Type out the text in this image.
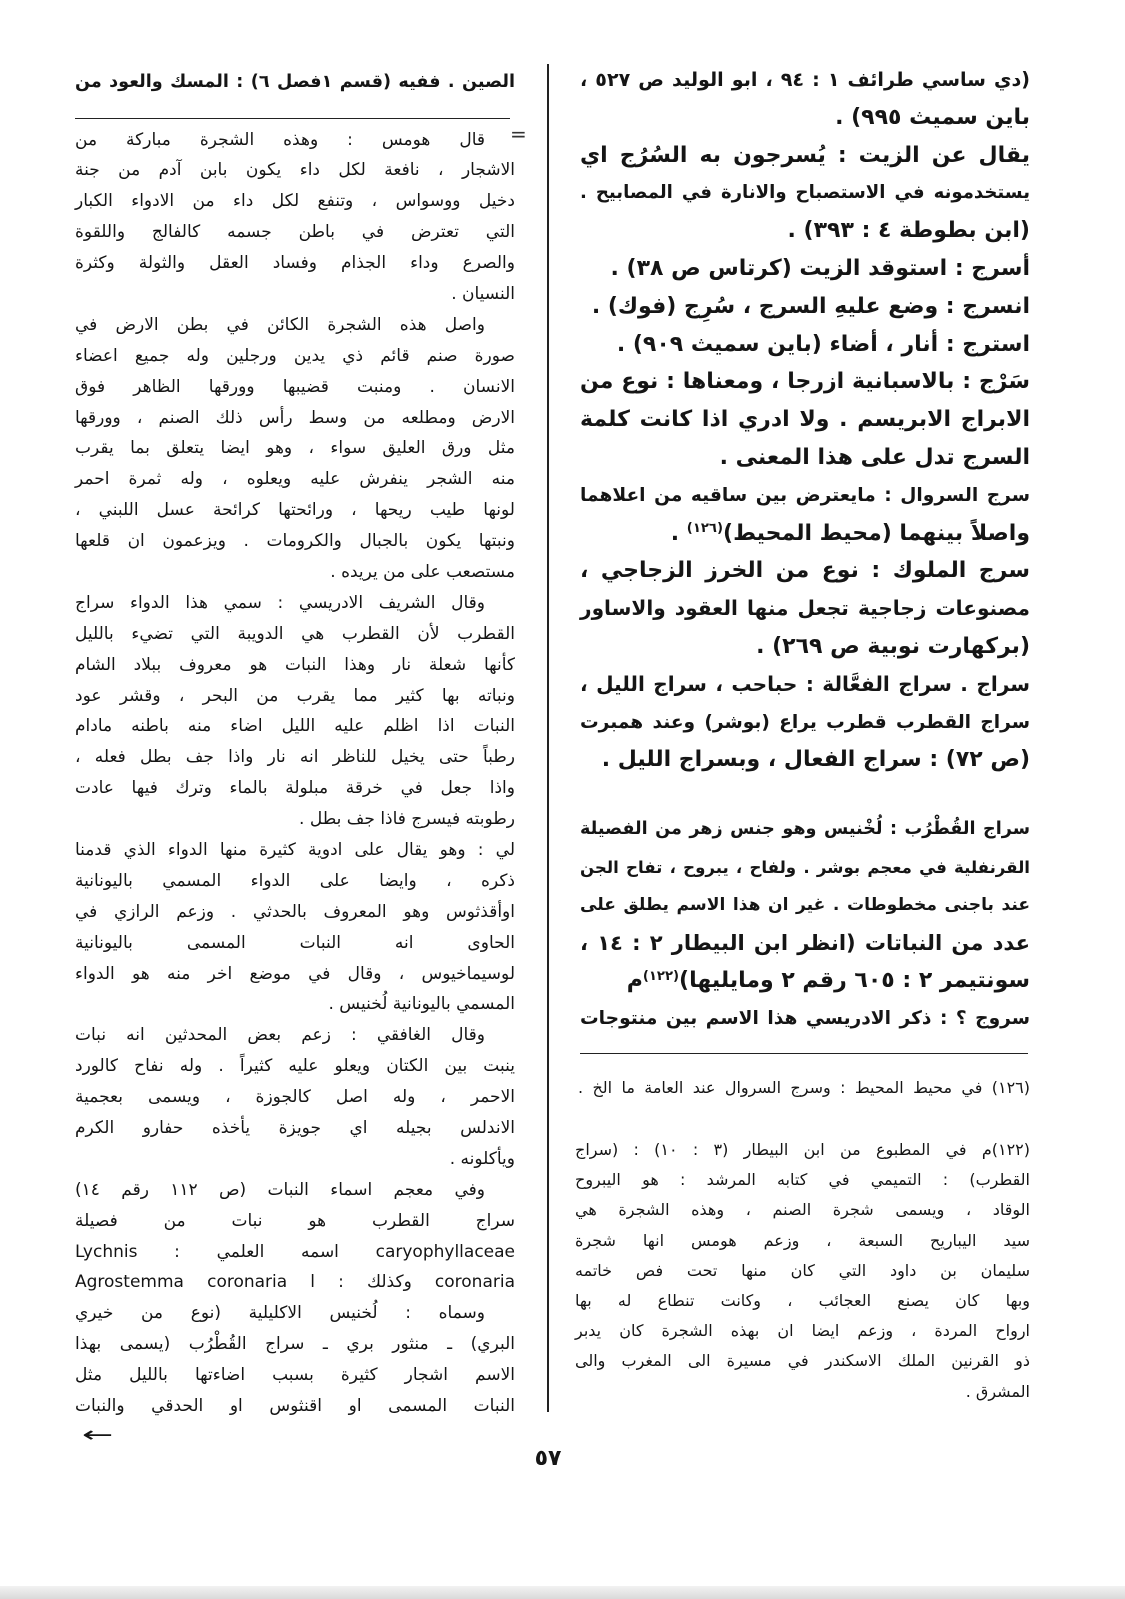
(دي ساسي طرائف ١ : ٩٤ ، ابو الوليد ص ٥٢٧ ،
باين سميث ٩٩٥) .
يقال عن الزيت : يُسرجون به السُرُج اي
يستخدمونه في الاستصباح والانارة في المصابيح .
(ابن بطوطة ٤ : ٣٩٣) .
أسرج : استوقد الزيت (كرتاس ص ٣٨) .
انسرج : وضع عليهِ السرج ، سُرِج (فوك) .
استرج : أنار ، أضاء (باين سميث ٩٠٩) .
سَرْج : بالاسبانية ازرجا ، ومعناها : نوع من
الابراج الابريسم . ولا ادري اذا كانت كلمة
السرج تدل على هذا المعنى .
سرج السروال : مايعترض بين ساقيه من اعلاهما
واصلاً بينهما (محيط المحيط)$^{(١٢٦)}$ .
سرج الملوك : نوع من الخرز الزجاجي ،
مصنوعات زجاجية تجعل منها العقود والاساور
(بركهارت نوبية ص ٢٦٩) .
سراج . سراج الفعَّالة : حباحب ، سراج الليل ،
سراج القطرب قطرب يراع (بوشر) وعند همبرت
(ص ٧٢) : سراج الفعال ، وبسراج الليل .
سراج القُطْرُب : لُخْنيس وهو جنس زهر من الفصيلة
القرنفلية في معجم بوشر . ولفاح ، يبروح ، تفاح الجن
عند باجنى مخطوطات . غير ان هذا الاسم يطلق على
عدد من النباتات (انظر ابن البيطار ٢ : ١٤ ،
سونتيمر ٢ : ٦٠٥ رقم ٢ ومايليها)$^{(١٢٢)}$م
سروج ؟ : ذكر الادريسي هذا الاسم بين منتوجات
(١٢٦) في محيط المحيط : وسرج السروال عند العامة ما الخ .
(١٢٢)م في المطبوع من ابن البيطار (٣ : ١٠) : (سراج
القطرب) : التميمي في كتابه المرشد : هو اليبروح
الوقاد ، ويسمى شجرة الصنم ، وهذه الشجرة هي
سيد اليباريح السبعة ، وزعم هومس انها شجرة
سليمان بن داود التي كان منها تحت فص خاتمه
وبها كان يصنع العجائب ، وكانت تنطاع له بها
ارواح المردة ، وزعم ايضا ان بهذه الشجرة كان يدبر
ذو القرنين الملك الاسكندر في مسيرة الى المغرب والى
المشرق .
الصين . ففيه (قسم ١فصل ٦) : المسك والعود من
=
قال هومس : وهذه الشجرة مباركة من
الاشجار ، نافعة لكل داء يكون بابن آدم من جنة
دخيل ووسواس ، وتنفع لكل داء من الادواء الكبار
التي تعترض في باطن جسمه كالفالج واللقوة
والصرع وداء الجذام وفساد العقل والثولة وكثرة
النسيان .
واصل هذه الشجرة الكائن في بطن الارض في
صورة صنم قائم ذي يدين ورجلين وله جميع اعضاء
الانسان . ومنبت قضيبها وورقها الظاهر فوق
الارض ومطلعه من وسط رأس ذلك الصنم ، وورقها
مثل ورق العليق سواء ، وهو ايضا يتعلق بما يقرب
منه الشجر ينفرش عليه ويعلوه ، وله ثمرة احمر
لونها طيب ريحها ، ورائحتها كرائحة عسل اللبني ،
ونبتها يكون بالجبال والكرومات . ويزعمون ان قلعها
مستصعب على من يريده .
وقال الشريف الادريسي : سمي هذا الدواء سراج
القطرب لأن القطرب هي الدويبة التي تضيء بالليل
كأنها شعلة نار وهذا النبات هو معروف ببلاد الشام
ونباته بها كثير مما يقرب من البحر ، وقشر عود
النبات اذا اظلم عليه الليل اضاء منه باطنه مادام
رطباً حتى يخيل للناظر انه نار واذا جف بطل فعله ،
واذا جعل في خرقة مبلولة بالماء وترك فيها عادت
رطوبته فيسرج فاذا جف بطل .
لي : وهو يقال على ادوية كثيرة منها الدواء الذي قدمنا
ذكره ، وايضا على الدواء المسمي باليونانية
اوأقذثوس وهو المعروف بالحدثي . وزعم الرازي في
الحاوى انه النبات المسمى باليونانية
لوسيماخيوس ، وقال في موضع اخر منه هو الدواء
المسمي باليونانية لُخنيس .
وقال الغافقي : زعم بعض المحدثين انه نبات
ينبت بين الكتان ويعلو عليه كثيراً . وله نفاح كالورد
الاحمر ، وله اصل كالجوزة ، ويسمى بعجمية
الاندلس بجيله اي جويزة يأخذه حفارو الكرم
ويأكلونه .
وفي معجم اسماء النبات (ص ١١٢ رقم ١٤)
سراج القطرب هو نبات من فصيلة
caryophyllaceae اسمه العلمي : Lychnis
coronaria وكذلك : Agrostemma coronaria l
وسماه : لُخنيس الاكليلية (نوع من خيري
البري) ـ منثور بري ـ سراج القُطْرُب (يسمى بهذا
الاسم اشجار كثيرة بسبب اضاءتها بالليل مثل
النبات المسمى او اقنثوس او الحدقي والنبات
←
٥٧
